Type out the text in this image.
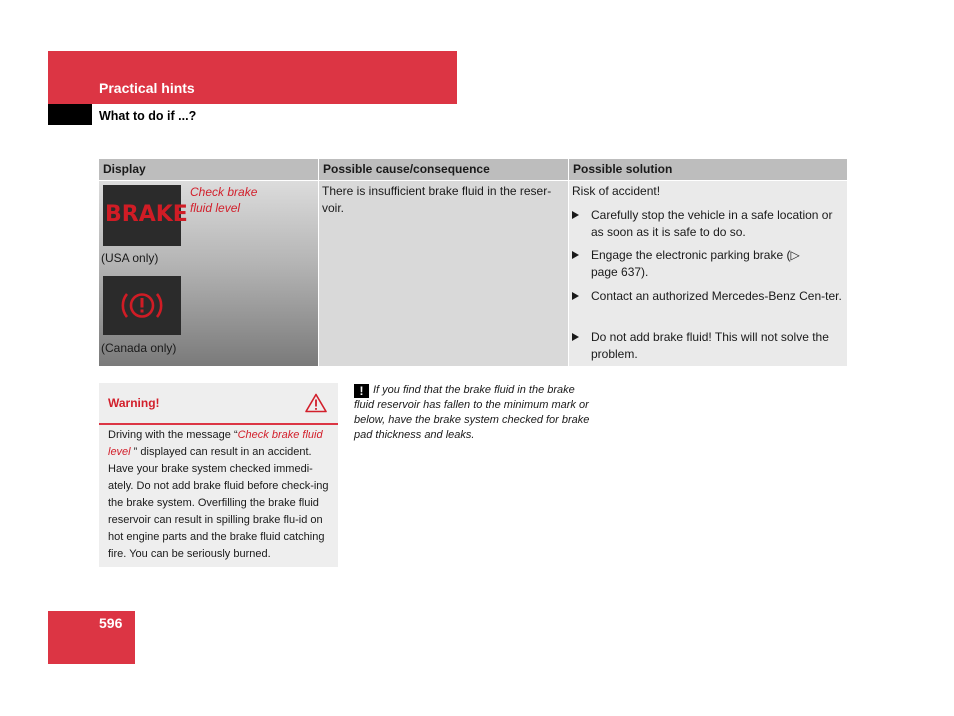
Practical hints
What to do if ...?
Display	Possible cause/consequence	Possible solution
BRAKE
Check brake fluid level
(USA only)
(Canada only)
There is insufficient brake fluid in the reser-voir.
Risk of accident!
Carefully stop the vehicle in a safe location or as soon as it is safe to do so.
Engage the electronic parking brake (▷ page 637).
Contact an authorized Mercedes-Benz Cen-ter.
Do not add brake fluid! This will not solve the problem.
Warning!
Driving with the message “Check brake fluid level ” displayed can result in an accident. Have your brake system checked immedi-ately. Do not add brake fluid before check-ing the brake system. Overfilling the brake fluid reservoir can result in spilling brake flu-id on hot engine parts and the brake fluid catching fire. You can be seriously burned.
! If you find that the brake fluid in the brake fluid reservoir has fallen to the minimum mark or below, have the brake system checked for brake pad thickness and leaks.
596
